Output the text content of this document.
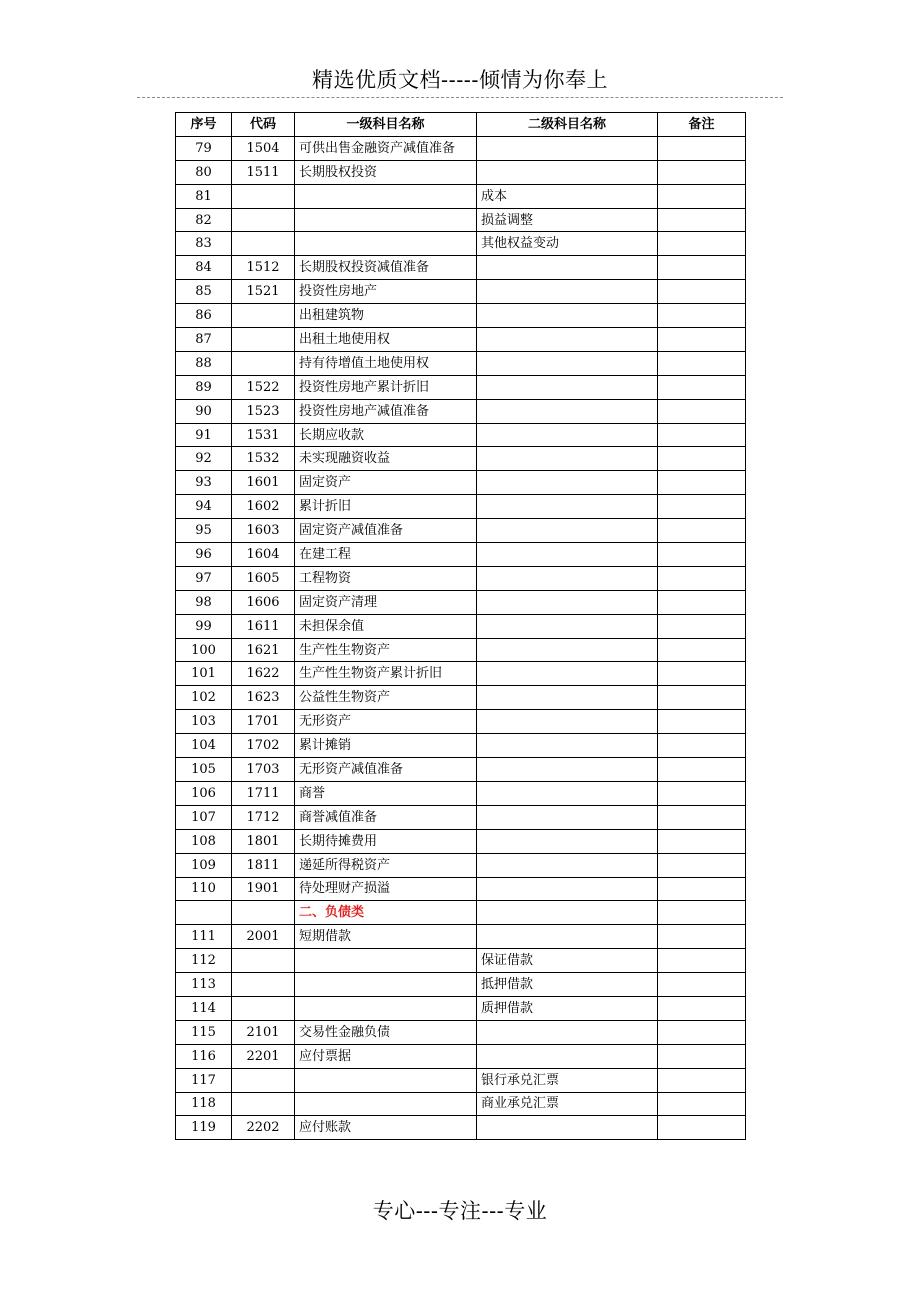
精选优质文档-----倾情为你奉上
序号	代码	一级科目名称	二级科目名称	备注
79	1504	可供出售金融资产减值准备		
80	1511	长期股权投资		
81			成本	
82			损益调整	
83			其他权益变动	
84	1512	长期股权投资减值准备		
85	1521	投资性房地产		
86		出租建筑物		
87		出租土地使用权		
88		持有待增值土地使用权		
89	1522	投资性房地产累计折旧		
90	1523	投资性房地产减值准备		
91	1531	长期应收款		
92	1532	未实现融资收益		
93	1601	固定资产		
94	1602	累计折旧		
95	1603	固定资产减值准备		
96	1604	在建工程		
97	1605	工程物资		
98	1606	固定资产清理		
99	1611	未担保余值		
100	1621	生产性生物资产		
101	1622	生产性生物资产累计折旧		
102	1623	公益性生物资产		
103	1701	无形资产		
104	1702	累计摊销		
105	1703	无形资产减值准备		
106	1711	商誉		
107	1712	商誉减值准备		
108	1801	长期待摊费用		
109	1811	递延所得税资产		
110	1901	待处理财产损溢		
		二、负债类		
111	2001	短期借款		
112			保证借款	
113			抵押借款	
114			质押借款	
115	2101	交易性金融负债		
116	2201	应付票据		
117			银行承兑汇票	
118			商业承兑汇票	
119	2202	应付账款		
专心---专注---专业
